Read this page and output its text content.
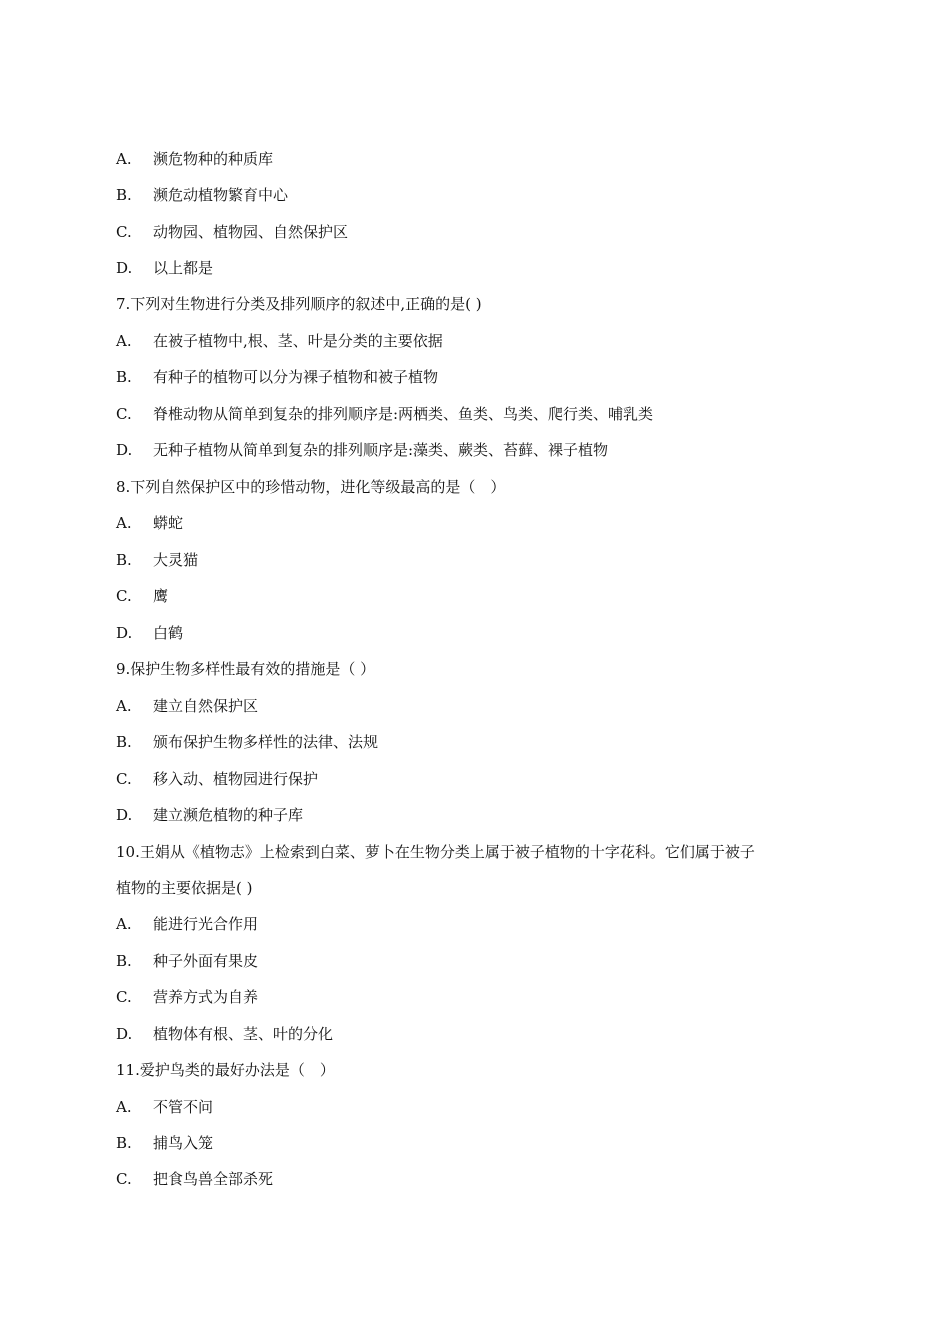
A. 濒危物种的种质库
B. 濒危动植物繁育中心
C. 动物园、植物园、自然保护区
D. 以上都是
7.下列对生物进行分类及排列顺序的叙述中,正确的是( )
A. 在被子植物中,根、茎、叶是分类的主要依据
B. 有种子的植物可以分为裸子植物和被子植物
C. 脊椎动物从简单到复杂的排列顺序是:两栖类、鱼类、鸟类、爬行类、哺乳类
D. 无种子植物从简单到复杂的排列顺序是:藻类、蕨类、苔藓、裸子植物
8.下列自然保护区中的珍惜动物，进化等级最高的是（　）
A. 蟒蛇
B. 大灵猫
C. 鹰
D. 白鹤
9.保护生物多样性最有效的措施是（ ）
A. 建立自然保护区
B. 颁布保护生物多样性的法律、法规
C. 移入动、植物园进行保护
D. 建立濒危植物的种子库
10.王娟从《植物志》上检索到白菜、萝卜在生物分类上属于被子植物的十字花科。它们属于被子
植物的主要依据是( )
A. 能进行光合作用
B. 种子外面有果皮
C. 营养方式为自养
D. 植物体有根、茎、叶的分化
11.爱护鸟类的最好办法是（　）
A. 不管不问
B. 捕鸟入笼
C. 把食鸟兽全部杀死
